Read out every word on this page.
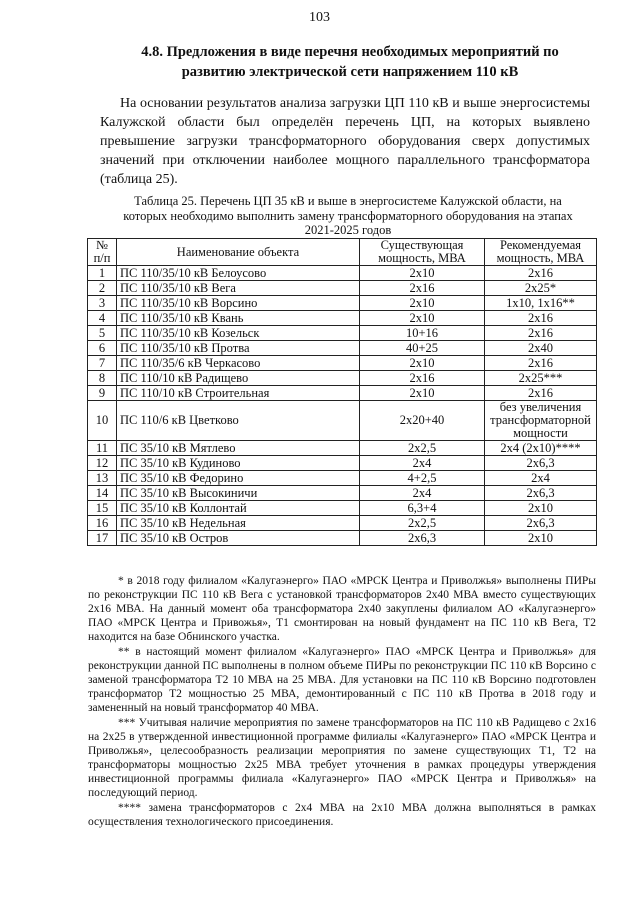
103
4.8. Предложения в виде перечня необходимых мероприятий по развитию электрической сети напряжением 110 кВ
На основании результатов анализа загрузки ЦП 110 кВ и выше энергосистемы Калужской области был определён перечень ЦП, на которых выявлено превышение загрузки трансформаторного оборудования сверх допустимых значений при отключении наиболее мощного параллельного трансформатора (таблица 25).
Таблица 25. Перечень ЦП 35 кВ и выше в энергосистеме Калужской области, на которых необходимо выполнить замену трансформаторного оборудования на этапах 2021-2025 годов
№ п/п	Наименование объекта	Существующая мощность, МВА	Рекомендуемая мощность, МВА
1	ПС 110/35/10 кВ Белоусово	2х10	2х16
2	ПС 110/35/10 кВ Вега	2х16	2х25*
3	ПС 110/35/10 кВ Ворсино	2х10	1х10, 1х16**
4	ПС 110/35/10 кВ Квань	2х10	2х16
5	ПС 110/35/10 кВ Козельск	10+16	2х16
6	ПС 110/35/10 кВ Протва	40+25	2х40
7	ПС 110/35/6 кВ Черкасово	2х10	2х16
8	ПС 110/10 кВ Радищево	2х16	2х25***
9	ПС 110/10 кВ Строительная	2х10	2х16
10	ПС 110/6 кВ Цветково	2х20+40	без увеличения трансформаторной мощности
11	ПС 35/10 кВ Мятлево	2х2,5	2х4 (2х10)****
12	ПС 35/10 кВ Кудиново	2х4	2х6,3
13	ПС 35/10 кВ Федорино	4+2,5	2х4
14	ПС 35/10 кВ Высокиничи	2х4	2х6,3
15	ПС 35/10 кВ Коллонтай	6,3+4	2х10
16	ПС 35/10 кВ Недельная	2х2,5	2х6,3
17	ПС 35/10 кВ Остров	2х6,3	2х10

* в 2018 году филиалом «Калугаэнерго» ПАО «МРСК Центра и Приволжья» выполнены ПИРы по реконструкции ПС 110 кВ Вега с установкой трансформаторов 2х40 МВА вместо существующих 2х16 МВА. На данный момент оба трансформатора 2х40 закуплены филиалом АО «Калугаэнерго» ПАО «МРСК Центра и Привожья», Т1 смонтирован на новый фундамент на ПС 110 кВ Вега, Т2 находится на базе Обнинского участка.

** в настоящий момент филиалом «Калугаэнерго» ПАО «МРСК Центра и Приволжья» для реконструкции данной ПС выполнены в полном объеме ПИРы по реконструкции ПС 110 кВ Ворсино с заменой трансформатора Т2 10 МВА на 25 МВА. Для установки на ПС 110 кВ Ворсино подготовлен трансформатор Т2 мощностью 25 МВА, демонтированный с ПС 110 кВ Протва в 2018 году и замененный на новый трансформатор 40 МВА.

*** Учитывая наличие мероприятия по замене трансформаторов на ПС 110 кВ Радищево с 2х16 на 2х25 в утвержденной инвестиционной программе филиалы «Калугаэнерго» ПАО «МРСК Центра и Приволжья», целесообразность реализации мероприятия по замене существующих Т1, Т2 на трансформаторы мощностью 2х25 МВА требует уточнения в рамках процедуры утверждения инвестиционной программы филиала «Калугаэнерго» ПАО «МРСК Центра и Приволжья» на последующий период.

**** замена трансформаторов с 2х4 МВА на 2х10 МВА должна выполняться в рамках осуществления технологического присоединения.
